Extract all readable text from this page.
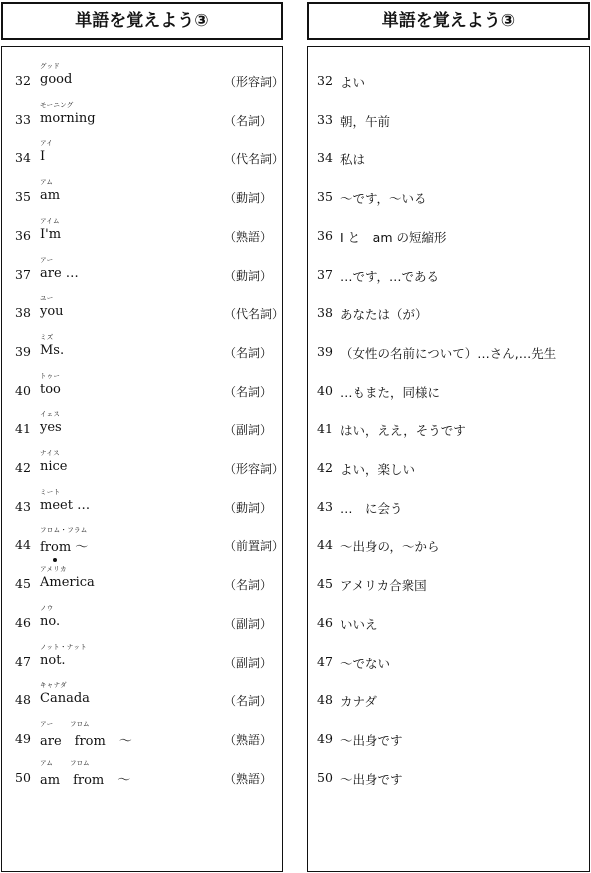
単語を覚えよう③	単語を覚えよう③
32
グッド
good	（形容詞）
33
モーニング
morning	（名詞）
34
アイ
I	（代名詞）
35
アム
am	（動詞）
36
アイム
I'm	（熟語）
37
アー
are …	（動詞）
38
ユー
you	（代名詞）
39
ミズ
Ms.	（名詞）
40
トゥー
too	（名詞）
41
イェス
yes	（副詞）
42
ナイス
nice	（形容詞）
43
ミート
meet …	（動詞）
44
フロム・フラム
from ～	（前置詞）
45
アメリカ
America	（名詞）
46
ノウ
no.	（副詞）
47
ノット・ナット
not.	（副詞）
48
キャナダ
Canada	（名詞）
49
アー	フロム
are　from　～	（熟語）
50
アム	フロム
am　from　～	（熟語）
32 よい
33 朝，午前
34 私は
35 ～です，～いる
36 I と　am の短縮形
37 …です，…である
38 あなたは（が）
39 （女性の名前について）…さん,…先生
40 …もまた，同様に
41 はい，ええ，そうです
42 よい，楽しい
43 …　に会う
44 ～出身の，～から
45 アメリカ合衆国
46 いいえ
47 ～でない
48 カナダ
49 ～出身です
50 ～出身です
